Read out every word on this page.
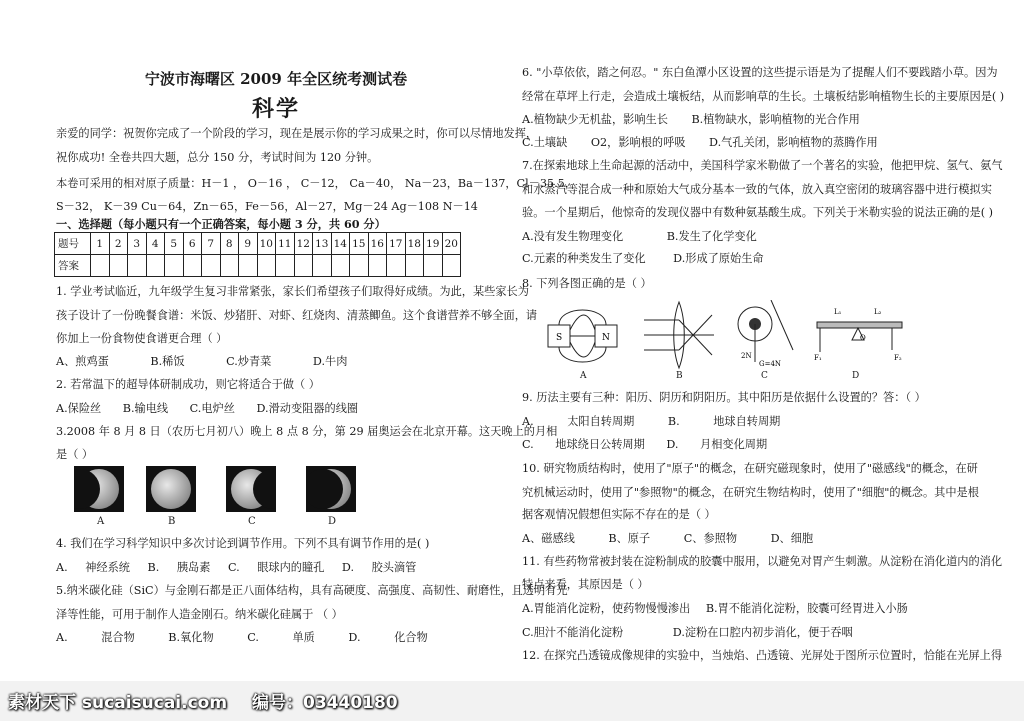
宁波市海曙区 2009 年全区统考测试卷
科学
亲爱的同学：祝贺你完成了一个阶段的学习，现在是展示你的学习成果之时，你可以尽情地发挥，
祝你成功! 全卷共四大题，总分 150 分，考试时间为 120 分钟。
本卷可采用的相对原子质量：H－1 ， O－16 ， C－12， Ca－40， Na－23，Ba－137，Cl－35.5，
S－32， K－39 Cu－64，Zn－65，Fe－56，Al－27，Mg－24 Ag－108 N－14
一、选择题（每小题只有一个正确答案，每小题 3 分，共 60 分）
题号	1	2	3	4	5	6	7	8	9	10	11	12	13	14	15	16	17	18	19	20
答案																				
1. 学业考试临近，九年级学生复习非常紧张，家长们希望孩子们取得好成绩。为此，某些家长为
孩子设计了一份晚餐食谱：米饭、炒猪肝、对虾、红烧肉、清蒸鲫鱼。这个食谱营养不够全面，请
你加上一份食物使食谱更合理（ ）
A、煎鸡蛋 B.稀饭 C.炒青菜 D.牛肉
2. 若常温下的超导体研制成功，则它将适合于做（ ）
A.保险丝 B.输电线 C.电炉丝 D.滑动变阻器的线圈
3.2008 年 8 月 8 日（农历七月初八）晚上 8 点 8 分，第 29 届奥运会在北京开幕。这天晚上的月相
是（ ）
A	B	C	D
4. 我们在学习科学知识中多次讨论到调节作用。下列不具有调节作用的是( )
A. 神经系统 B. 胰岛素 C. 眼球内的瞳孔 D. 胶头滴管
5.纳米碳化硅（SiC）与金刚石都是正八面体结构，具有高硬度、高强度、高韧性、耐磨性，且透明有光
泽等性能，可用于制作人造金刚石。纳米碳化硅属于 （ ）
A. 混合物 B.氧化物 C. 单质 D. 化合物
6. "小草依依，踏之何忍。" 东白鱼潭小区设置的这些提示语是为了提醒人们不要践踏小草。因为
经常在草坪上行走，会造成土壤板结，从而影响草的生长。土壤板结影响植物生长的主要原因是( )
A.植物缺少无机盐，影响生长 B.植物缺水，影响植物的光合作用
C.土壤缺 O2，影响根的呼吸 D.气孔关闭，影响植物的蒸腾作用
7.在探索地球上生命起源的活动中，美国科学家米勒做了一个著名的实验，他把甲烷、氢气、氨气
和水蒸汽等混合成一种和原始大气成分基本一致的气体，放入真空密闭的玻璃容器中进行模拟实
验。一个星期后，他惊奇的发现仪器中有数种氨基酸生成。下列关于米勒实验的说法正确的是( )
A.没有发生物理变化 B.发生了化学变化
C.元素的种类发生了变化 D.形成了原始生命
8. 下列各图正确的是（ ）
S	N
2N
G=4N
O
F₁	F₂
L₁	L₂
A	B	C	D
9. 历法主要有三种：阳历、阴历和阴阳历。其中阳历是依据什么设置的？答：（ ）
A. 太阳自转周期 B. 地球自转周期
C. 地球绕日公转周期 D. 月相变化周期
10. 研究物质结构时，使用了"原子"的概念，在研究磁现象时，使用了"磁感线"的概念，在研
究机械运动时，使用了"参照物"的概念，在研究生物结构时，使用了"细胞"的概念。其中是根
据客观情况假想但实际不存在的是（ ）
A、磁感线 B、原子 C、参照物 D、细胞
11. 有些药物常被封装在淀粉制成的胶囊中服用，以避免对胃产生刺激。从淀粉在消化道内的消化
特点来看，其原因是（ ）
A.胃能消化淀粉，使药物慢慢渗出 B.胃不能消化淀粉，胶囊可经胃进入小肠
C.胆汁不能消化淀粉 D.淀粉在口腔内初步消化，便于吞咽
12. 在探究凸透镜成像规律的实验中，当烛焰、凸透镜、光屏处于图所示位置时，恰能在光屏上得
素材天下 sucaisucai.com 编号：03440180
